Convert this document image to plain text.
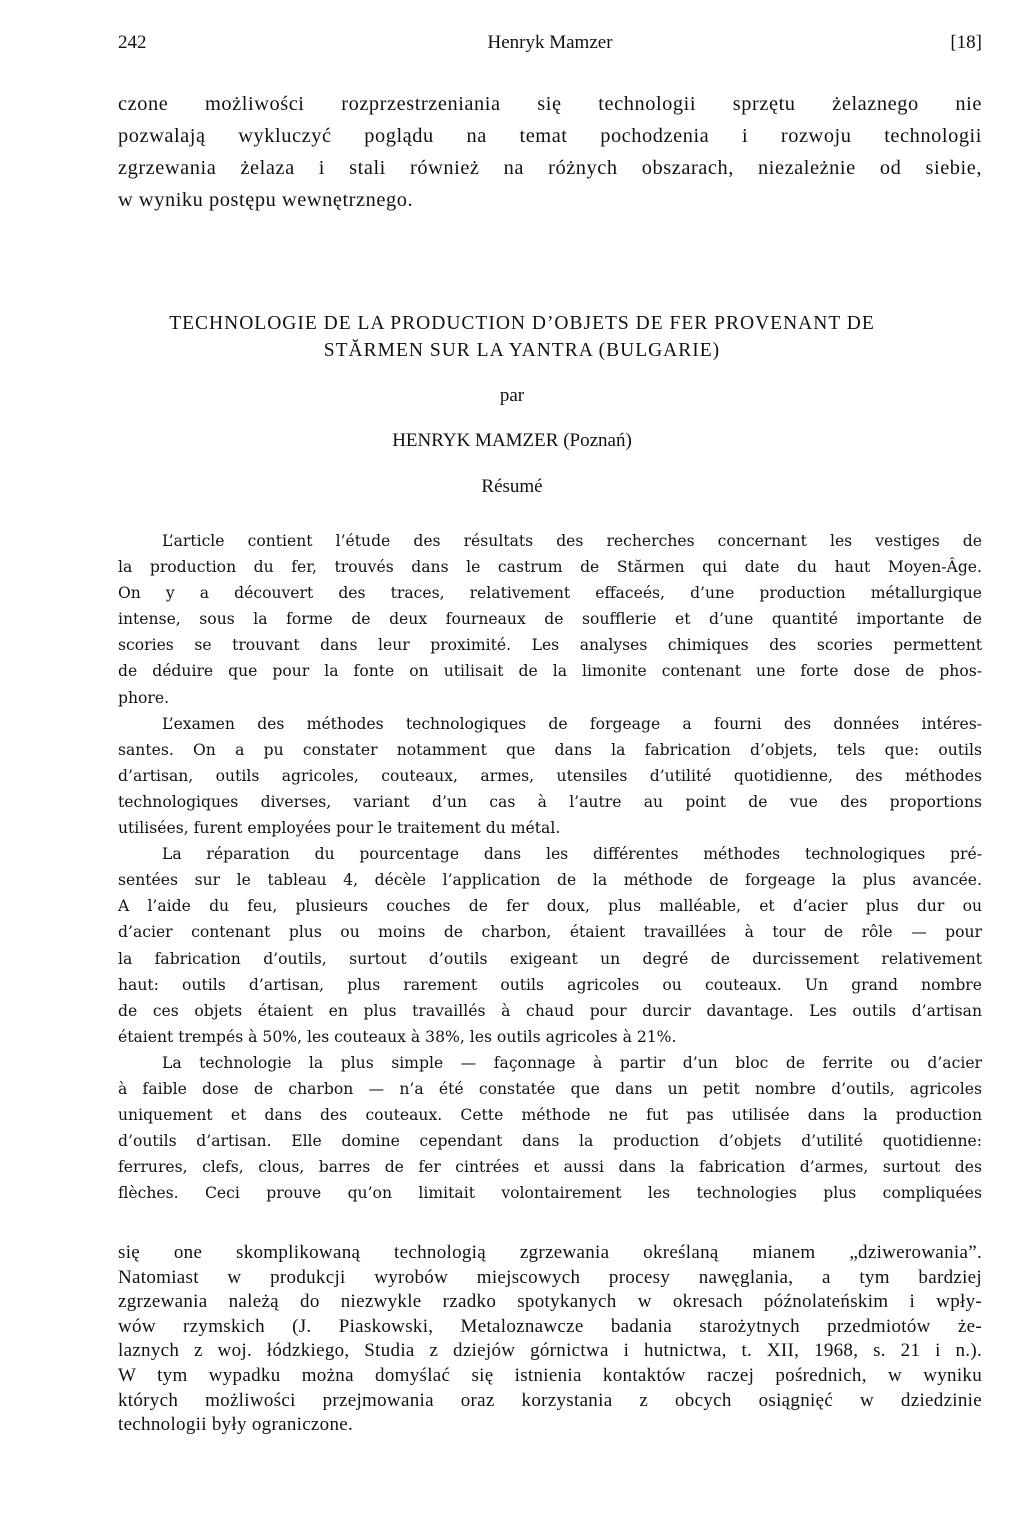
242	Henryk Mamzer	[18]
czone możliwości rozprzestrzeniania się technologii sprzętu żelaznego nie
pozwalają wykluczyć poglądu na temat pochodzenia i rozwoju technologii
zgrzewania żelaza i stali również na różnych obszarach, niezależnie od siebie,
w wyniku postępu wewnętrznego.
TECHNOLOGIE DE LA PRODUCTION D’OBJETS DE FER PROVENANT DE
STĂRMEN SUR LA YANTRA (BULGARIE)
par
HENRYK MAMZER (Poznań)
Résumé
L’article contient l’étude des résultats des recherches concernant les vestiges de
la production du fer, trouvés dans le castrum de Stărmen qui date du haut Moyen-Âge.
On y a découvert des traces, relativement effaceés, d’une production métallurgique
intense, sous la forme de deux fourneaux de soufflerie et d’une quantité importante de
scories se trouvant dans leur proximité. Les analyses chimiques des scories permettent
de déduire que pour la fonte on utilisait de la limonite contenant une forte dose de phos-
phore.
L’examen des méthodes technologiques de forgeage a fourni des données intéres-
santes. On a pu constater notamment que dans la fabrication d’objets, tels que: outils
d’artisan, outils agricoles, couteaux, armes, utensiles d’utilité quotidienne, des méthodes
technologiques diverses, variant d’un cas à l’autre au point de vue des proportions
utilisées, furent employées pour le traitement du métal.
La réparation du pourcentage dans les différentes méthodes technologiques pré-
sentées sur le tableau 4, décèle l’application de la méthode de forgeage la plus avancée.
A l’aide du feu, plusieurs couches de fer doux, plus malléable, et d’acier plus dur ou
d’acier contenant plus ou moins de charbon, étaient travaillées à tour de rôle — pour
la fabrication d’outils, surtout d’outils exigeant un degré de durcissement relativement
haut: outils d’artisan, plus rarement outils agricoles ou couteaux. Un grand nombre
de ces objets étaient en plus travaillés à chaud pour durcir davantage. Les outils d’artisan
étaient trempés à 50%, les couteaux à 38%, les outils agricoles à 21%.
La technologie la plus simple — façonnage à partir d’un bloc de ferrite ou d’acier
à faible dose de charbon — n’a été constatée que dans un petit nombre d’outils, agricoles
uniquement et dans des couteaux. Cette méthode ne fut pas utilisée dans la production
d’outils d’artisan. Elle domine cependant dans la production d’objets d’utilité quotidienne:
ferrures, clefs, clous, barres de fer cintrées et aussi dans la fabrication d’armes, surtout des
flèches. Ceci prouve qu’on limitait volontairement les technologies plus compliquées
się one skomplikowaną technologią zgrzewania określaną mianem „dziwerowania”.
Natomiast w produkcji wyrobów miejscowych procesy nawęglania, a tym bardziej
zgrzewania należą do niezwykle rzadko spotykanych w okresach późnolateńskim i wpły-
wów rzymskich (J. Piaskowski, Metaloznawcze badania starożytnych przedmiotów że-
laznych z woj. łódzkiego, Studia z dziejów górnictwa i hutnictwa, t. XII, 1968, s. 21 i n.).
W tym wypadku można domyślać się istnienia kontaktów raczej pośrednich, w wyniku
których możliwości przejmowania oraz korzystania z obcych osiągnięć w dziedzinie
technologii były ograniczone.
